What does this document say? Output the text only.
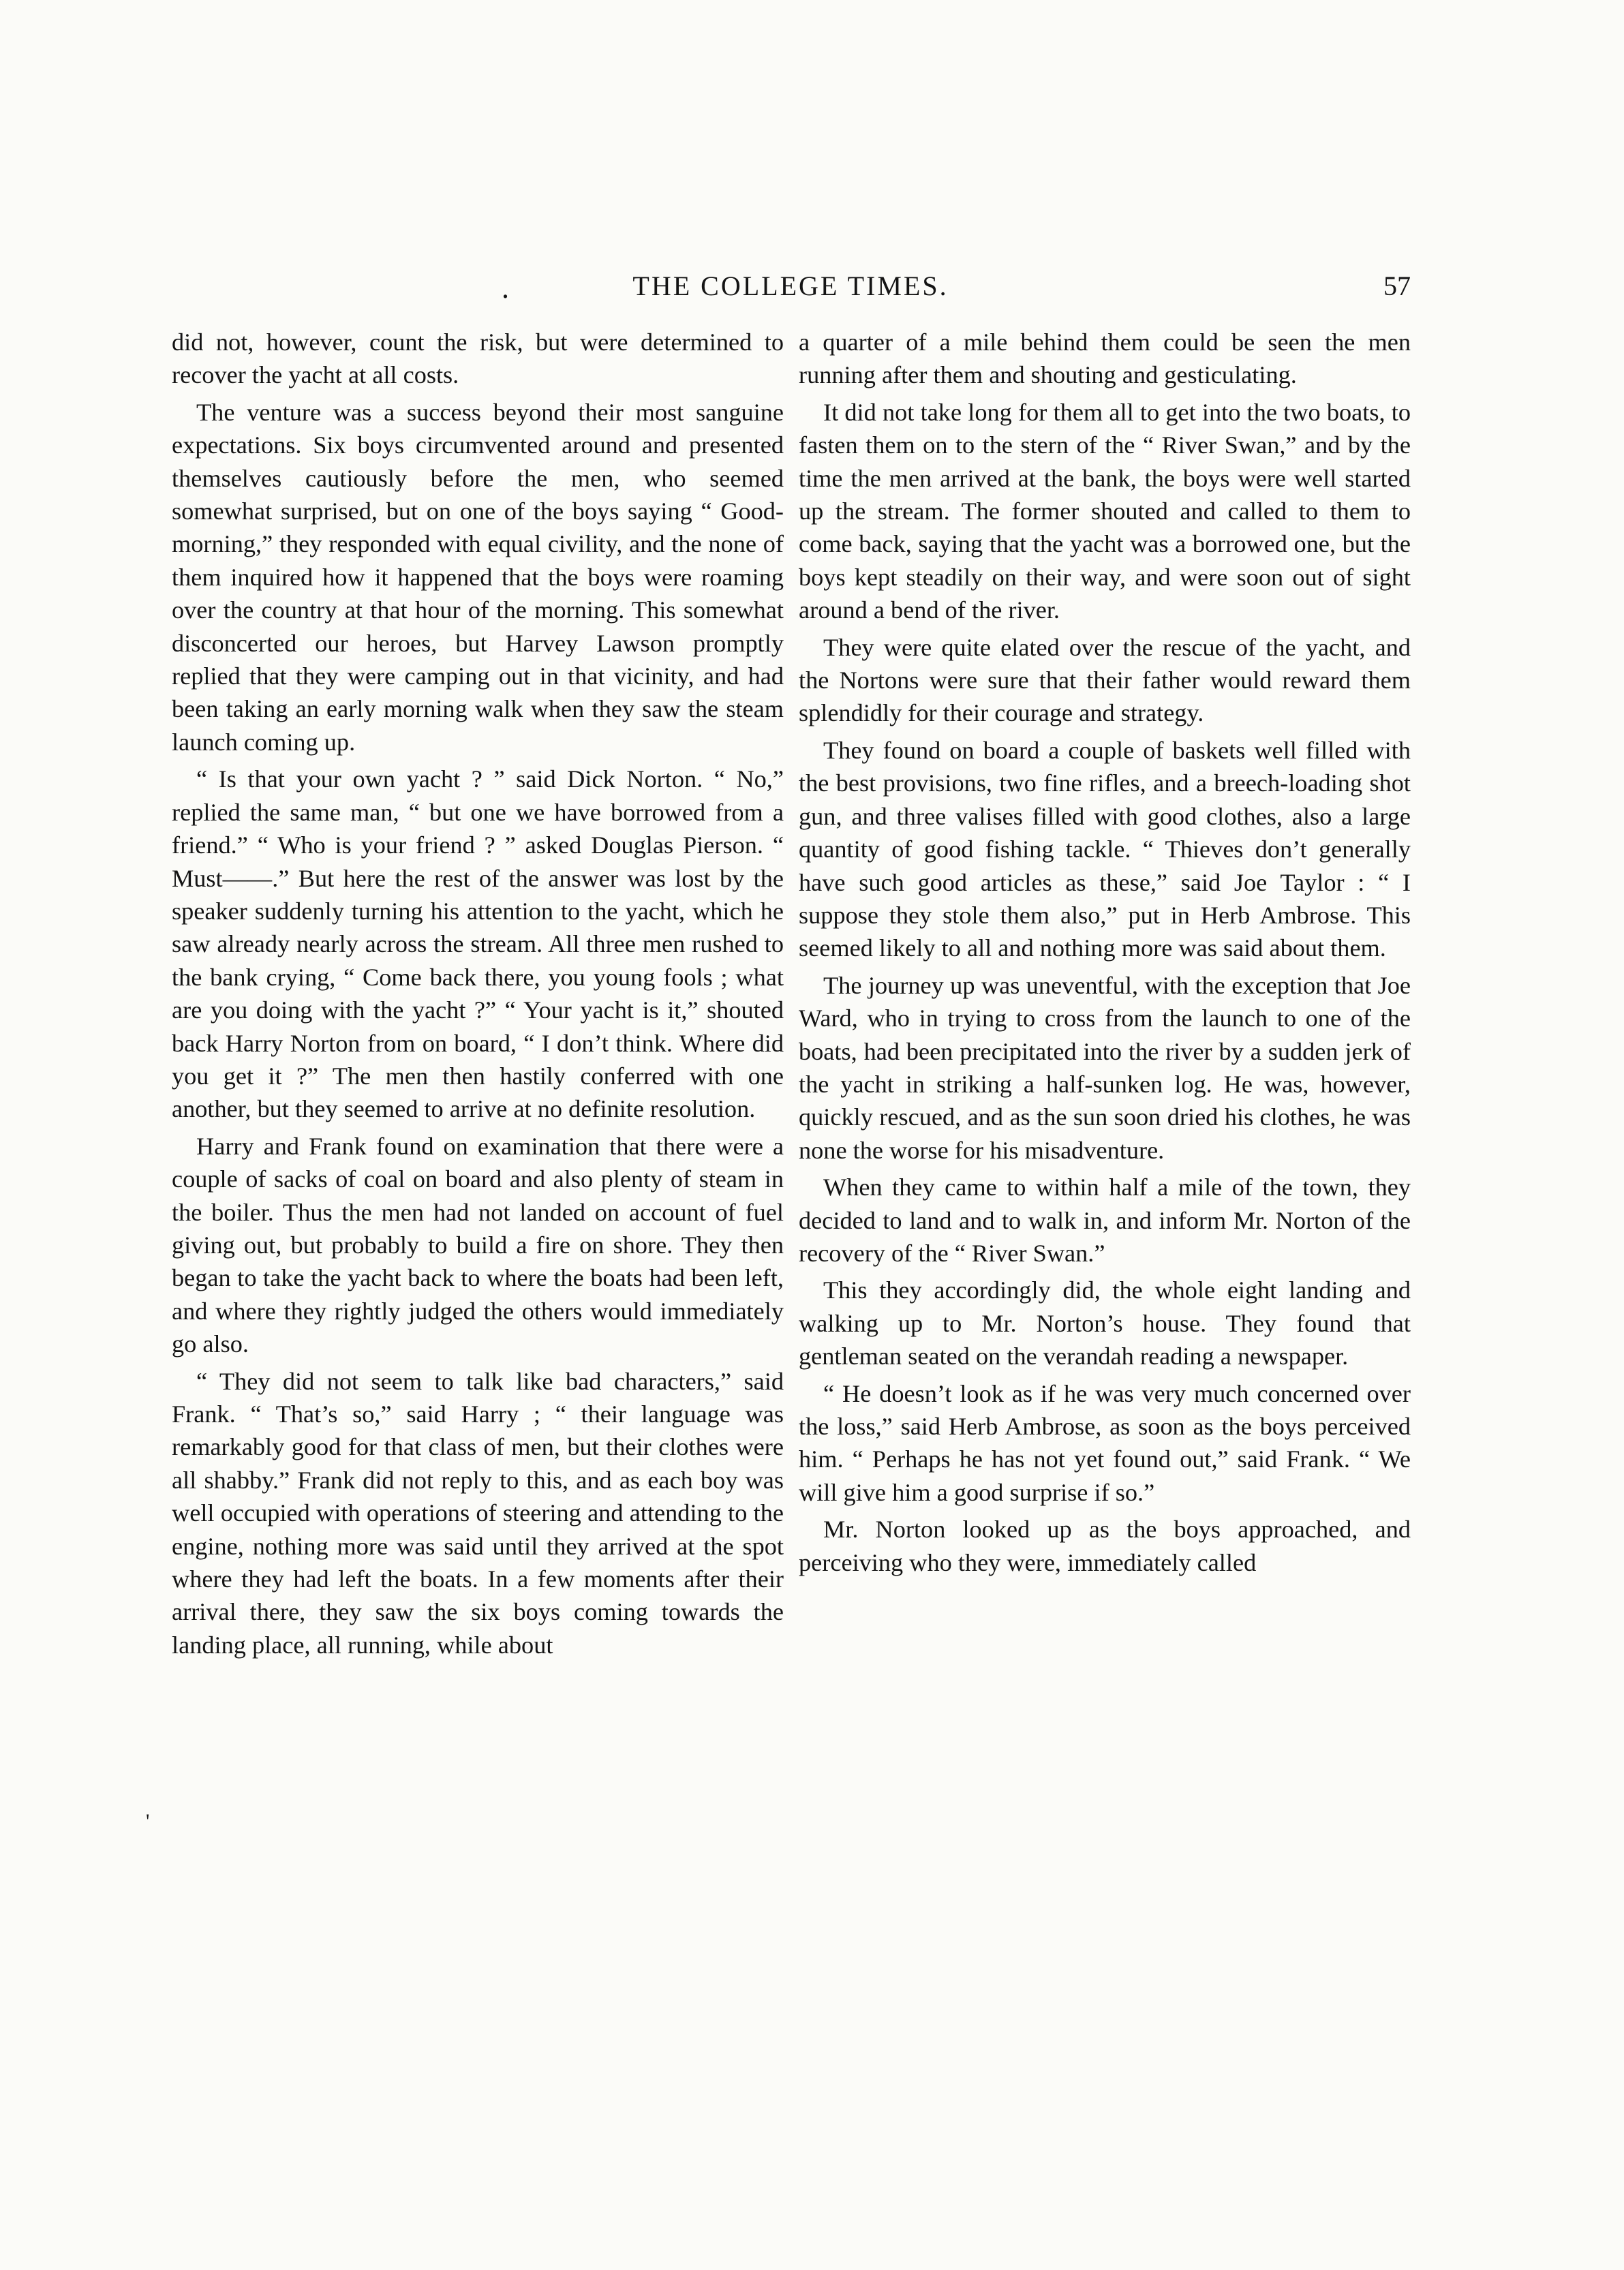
.	THE COLLEGE TIMES.	57
'

did not, however, count the risk, but were determined to recover the yacht at all costs.

The venture was a success beyond their most sanguine expectations. Six boys circumvented around and presented themselves cautiously before the men, who seemed somewhat surprised, but on one of the boys saying “ Good-morning,” they responded with equal civility, and the none of them inquired how it happened that the boys were roaming over the country at that hour of the morning. This somewhat disconcerted our heroes, but Harvey Lawson promptly replied that they were camping out in that vicinity, and had been taking an early morning walk when they saw the steam launch coming up.

“ Is that your own yacht ? ” said Dick Norton. “ No,” replied the same man, “ but one we have borrowed from a friend.” “ Who is your friend ? ” asked Douglas Pierson. “ Must——.” But here the rest of the answer was lost by the speaker suddenly turning his attention to the yacht, which he saw already nearly across the stream. All three men rushed to the bank crying, “ Come back there, you young fools ; what are you doing with the yacht ?” “ Your yacht is it,” shouted back Harry Norton from on board, “ I don’t think. Where did you get it ?” The men then hastily conferred with one another, but they seemed to arrive at no definite resolution.

Harry and Frank found on examination that there were a couple of sacks of coal on board and also plenty of steam in the boiler. Thus the men had not landed on account of fuel giving out, but probably to build a fire on shore. They then began to take the yacht back to where the boats had been left, and where they rightly judged the others would immediately go also.

“ They did not seem to talk like bad characters,” said Frank. “ That’s so,” said Harry ; “ their language was remarkably good for that class of men, but their clothes were all shabby.” Frank did not reply to this, and as each boy was well occupied with operations of steering and attending to the engine, nothing more was said until they arrived at the spot where they had left the boats. In a few moments after their arrival there, they saw the six boys coming towards the landing place, all running, while about

a quarter of a mile behind them could be seen the men running after them and shouting and gesticulating.

It did not take long for them all to get into the two boats, to fasten them on to the stern of the “ River Swan,” and by the time the men arrived at the bank, the boys were well started up the stream. The former shouted and called to them to come back, saying that the yacht was a borrowed one, but the boys kept steadily on their way, and were soon out of sight around a bend of the river.

They were quite elated over the rescue of the yacht, and the Nortons were sure that their father would reward them splendidly for their courage and strategy.

They found on board a couple of baskets well filled with the best provisions, two fine rifles, and a breech-loading shot gun, and three valises filled with good clothes, also a large quantity of good fishing tackle. “ Thieves don’t generally have such good articles as these,” said Joe Taylor : “ I suppose they stole them also,” put in Herb Ambrose. This seemed likely to all and nothing more was said about them.

The journey up was uneventful, with the exception that Joe Ward, who in trying to cross from the launch to one of the boats, had been precipitated into the river by a sudden jerk of the yacht in striking a half-sunken log. He was, however, quickly rescued, and as the sun soon dried his clothes, he was none the worse for his misadventure.

When they came to within half a mile of the town, they decided to land and to walk in, and inform Mr. Norton of the recovery of the “ River Swan.”

This they accordingly did, the whole eight landing and walking up to Mr. Norton’s house. They found that gentleman seated on the verandah reading a newspaper.

“ He doesn’t look as if he was very much concerned over the loss,” said Herb Ambrose, as soon as the boys perceived him. “ Perhaps he has not yet found out,” said Frank. “ We will give him a good surprise if so.”

Mr. Norton looked up as the boys approached, and perceiving who they were, immediately called
